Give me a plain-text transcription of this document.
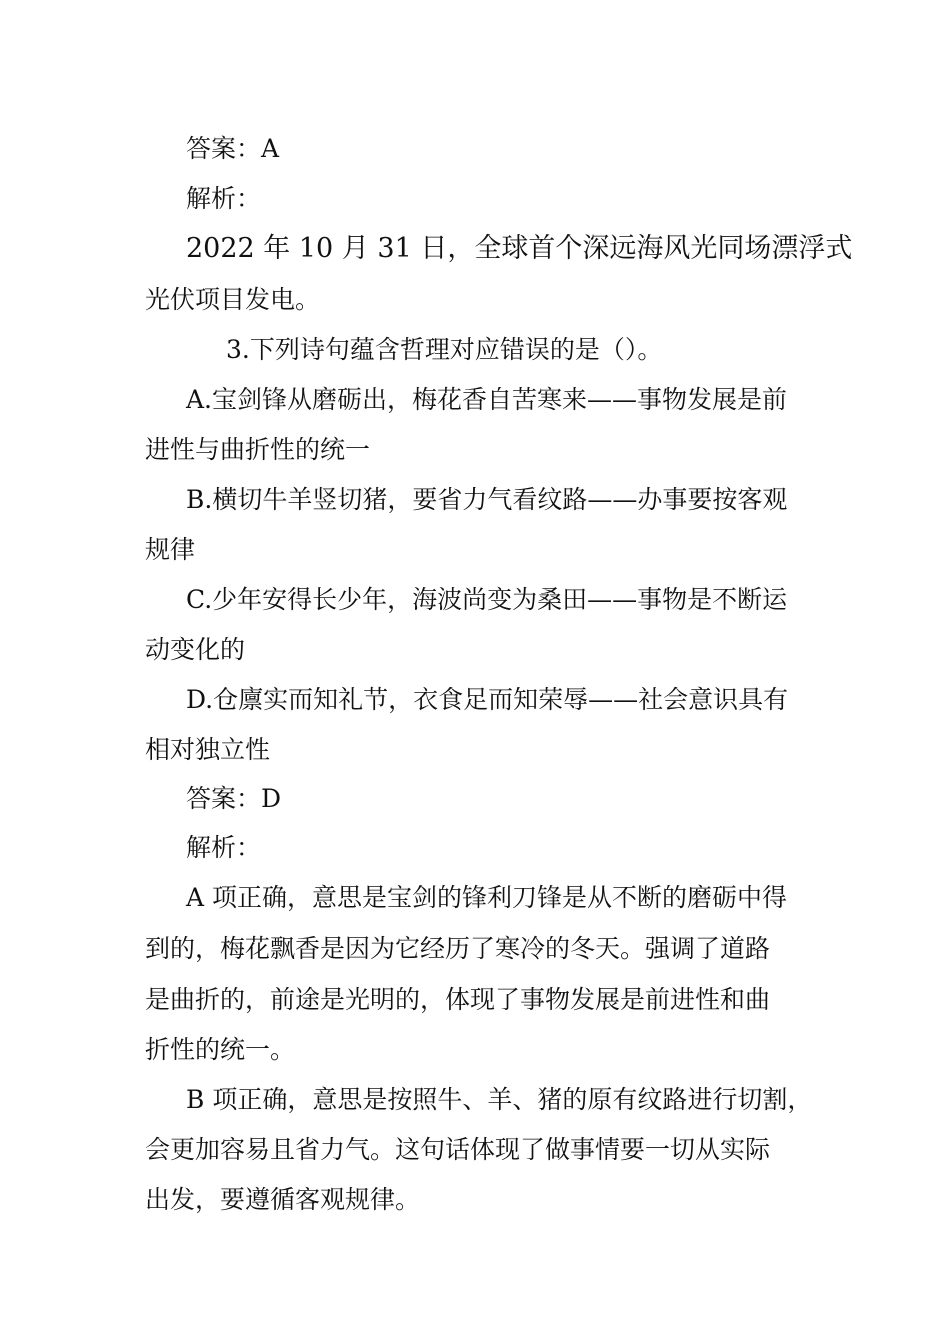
答案：A
解析：
2022 年 10 月 31 日，全球首个深远海风光同场漂浮式
光伏项目发电。
3.下列诗句蕴含哲理对应错误的是（）。
A.宝剑锋从磨砺出，梅花香自苦寒来——事物发展是前
进性与曲折性的统一
B.横切牛羊竖切猪，要省力气看纹路——办事要按客观
规律
C.少年安得长少年，海波尚变为桑田——事物是不断运
动变化的
D.仓廪实而知礼节，衣食足而知荣辱——社会意识具有
相对独立性
答案：D
解析：
A 项正确，意思是宝剑的锋利刀锋是从不断的磨砺中得
到的，梅花飘香是因为它经历了寒冷的冬天。强调了道路
是曲折的，前途是光明的，体现了事物发展是前进性和曲
折性的统一。
B 项正确，意思是按照牛、羊、猪的原有纹路进行切割，
会更加容易且省力气。这句话体现了做事情要一切从实际
出发，要遵循客观规律。
